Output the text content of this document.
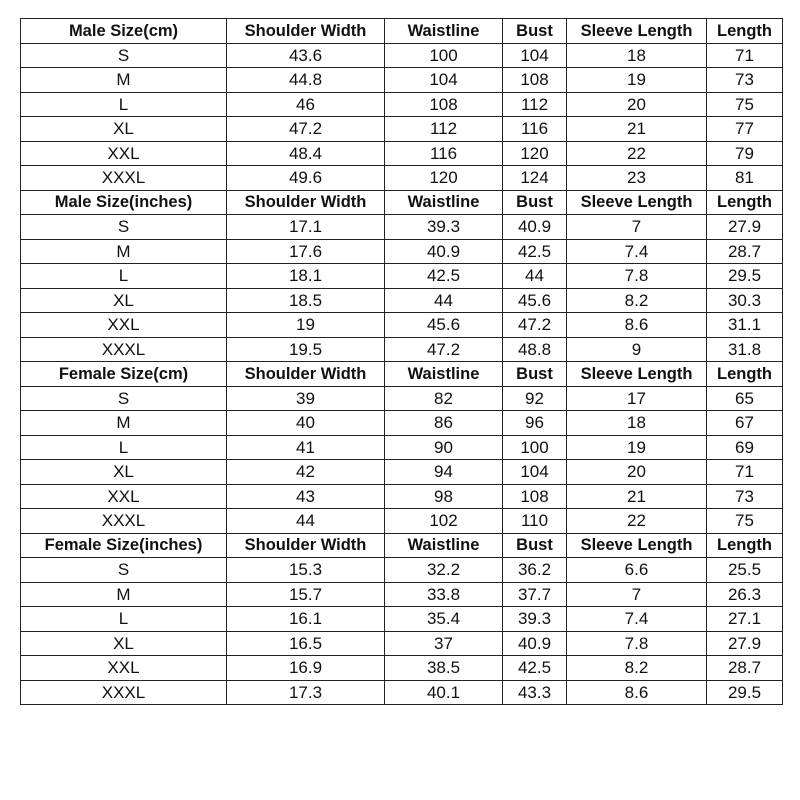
Male Size(cm)	Shoulder Width	Waistline	Bust	Sleeve Length	Length
S	43.6	100	104	18	71
M	44.8	104	108	19	73
L	46	108	112	20	75
XL	47.2	112	116	21	77
XXL	48.4	116	120	22	79
XXXL	49.6	120	124	23	81
Male Size(inches)	Shoulder Width	Waistline	Bust	Sleeve Length	Length
S	17.1	39.3	40.9	7	27.9
M	17.6	40.9	42.5	7.4	28.7
L	18.1	42.5	44	7.8	29.5
XL	18.5	44	45.6	8.2	30.3
XXL	19	45.6	47.2	8.6	31.1
XXXL	19.5	47.2	48.8	9	31.8
Female Size(cm)	Shoulder Width	Waistline	Bust	Sleeve Length	Length
S	39	82	92	17	65
M	40	86	96	18	67
L	41	90	100	19	69
XL	42	94	104	20	71
XXL	43	98	108	21	73
XXXL	44	102	110	22	75
Female Size(inches)	Shoulder Width	Waistline	Bust	Sleeve Length	Length
S	15.3	32.2	36.2	6.6	25.5
M	15.7	33.8	37.7	7	26.3
L	16.1	35.4	39.3	7.4	27.1
XL	16.5	37	40.9	7.8	27.9
XXL	16.9	38.5	42.5	8.2	28.7
XXXL	17.3	40.1	43.3	8.6	29.5
